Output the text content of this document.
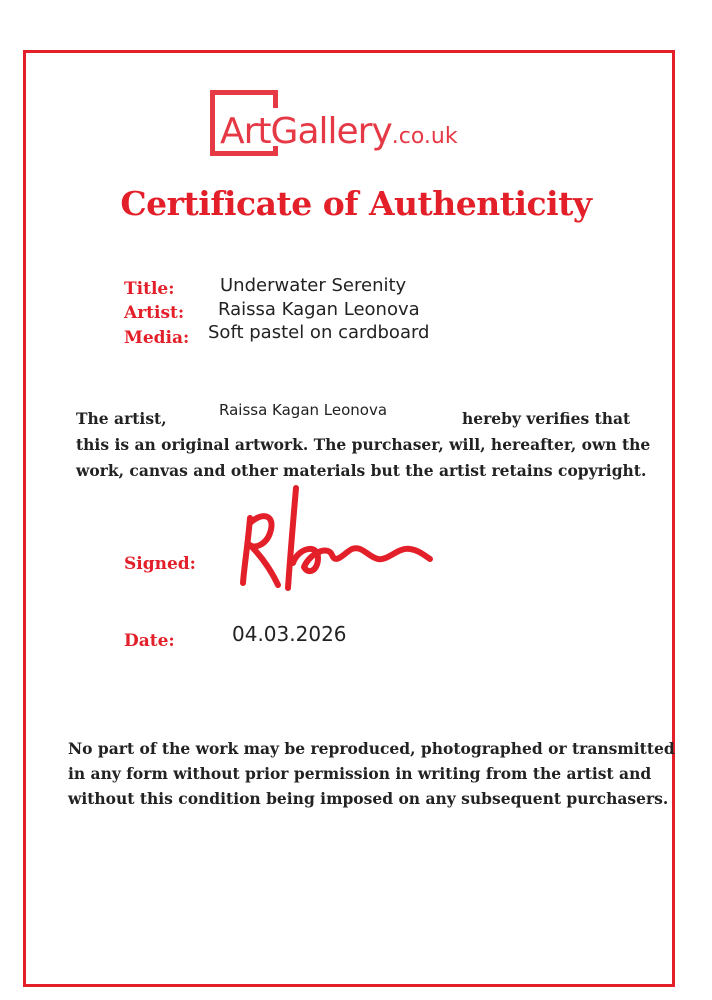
ArtGallery.co.uk
Certificate of Authenticity
Title:	Underwater Serenity
Artist: Raissa Kagan Leonova
Media: Soft pastel on cardboard
The artist,	Raissa Kagan Leonova	hereby verifies that
this is an original artwork. The purchaser, will, hereafter, own the
work, canvas and other materials but the artist retains copyright.
Signed:
Date:	04.03.2026
No part of the work may be reproduced, photographed or transmitted
in any form without prior permission in writing from the artist and
without this condition being imposed on any subsequent purchasers.
